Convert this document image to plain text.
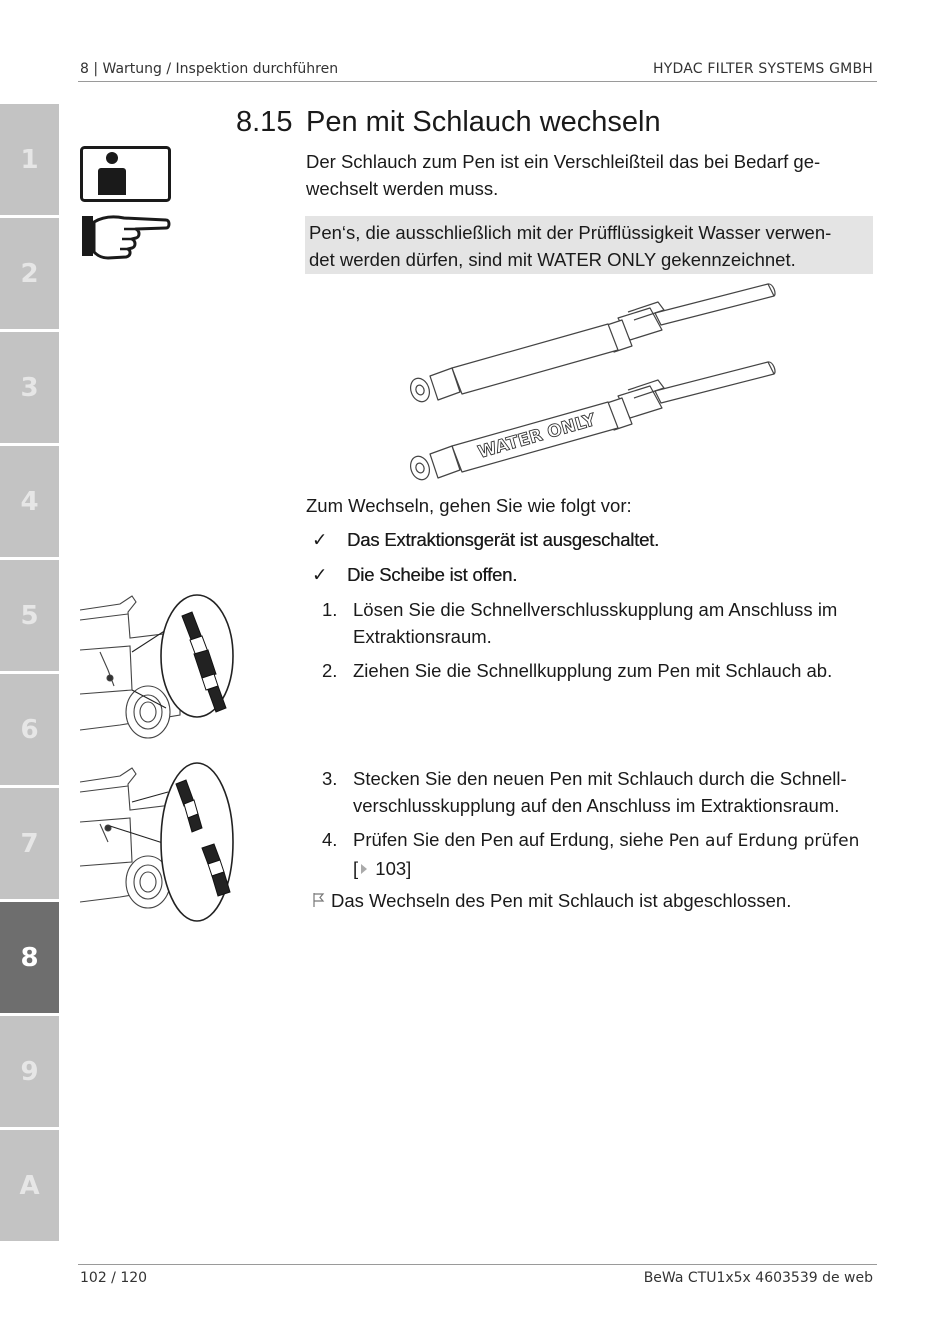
8 | Wartung / Inspektion durchführen	HYDAC FILTER SYSTEMS GMBH
1
2
3
4
5
6
7
8
9
A
8.15 Pen mit Schlauch wechseln
Der Schlauch zum Pen ist ein Verschleißteil das bei Bedarf ge-
wechselt werden muss.
Pen‘s, die ausschließlich mit der Prüfflüssigkeit Wasser verwen-
det werden dürfen, sind mit WATER ONLY gekennzeichnet.
WATER ONLY
Zum Wechseln, gehen Sie wie folgt vor:
✓ Das Extraktionsgerät ist ausgeschaltet.
✓ Die Scheibe ist offen.
1. Lösen Sie die Schnellverschlusskupplung am Anschluss im
Extraktionsraum.
2. Ziehen Sie die Schnellkupplung zum Pen mit Schlauch ab.
3. Stecken Sie den neuen Pen mit Schlauch durch die Schnell-
verschlusskupplung auf den Anschluss im Extraktionsraum.
4. Prüfen Sie den Pen auf Erdung, siehe Pen auf Erdung prüfen
[ 103]
Das Wechseln des Pen mit Schlauch ist abgeschlossen.
102 / 120	BeWa CTU1x5x 4603539 de web
